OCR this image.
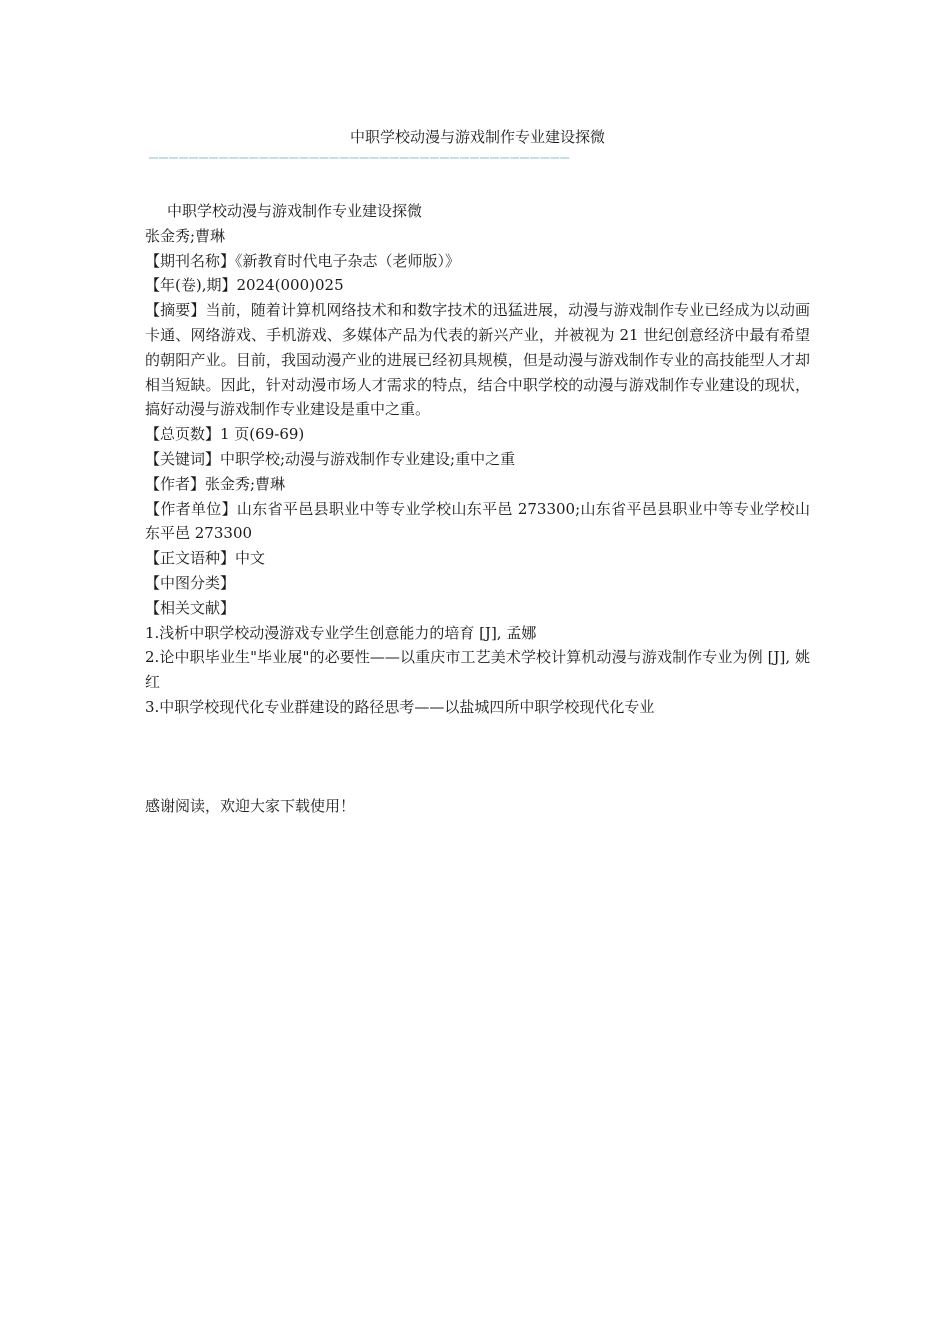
中职学校动漫与游戏制作专业建设探微
——————————————————————————————————————————

中职学校动漫与游戏制作专业建设探微

张金秀;曹琳

【期刊名称】《新教育时代电子杂志（老师版）》

【年(卷),期】2024(000)025

【摘要】当前，随着计算机网络技术和和数字技术的迅猛进展，动漫与游戏制作专业已经成为以动画卡通、网络游戏、手机游戏、多媒体产品为代表的新兴产业，并被视为 21 世纪创意经济中最有希望的朝阳产业。目前，我国动漫产业的进展已经初具规模，但是动漫与游戏制作专业的高技能型人才却相当短缺。因此，针对动漫市场人才需求的特点，结合中职学校的动漫与游戏制作专业建设的现状，搞好动漫与游戏制作专业建设是重中之重。

【总页数】1 页(69-69)

【关键词】中职学校;动漫与游戏制作专业建设;重中之重

【作者】张金秀;曹琳

【作者单位】山东省平邑县职业中等专业学校山东平邑 273300;山东省平邑县职业中等专业学校山东平邑 273300

【正文语种】中文

【中图分类】

【相关文献】

1.浅析中职学校动漫游戏专业学生创意能力的培育 [J], 孟娜

2.论中职毕业生"毕业展"的必要性——以重庆市工艺美术学校计算机动漫与游戏制作专业为例 [J], 姚红

3.中职学校现代化专业群建设的路径思考——以盐城四所中职学校现代化专业

感谢阅读，欢迎大家下载使用！
